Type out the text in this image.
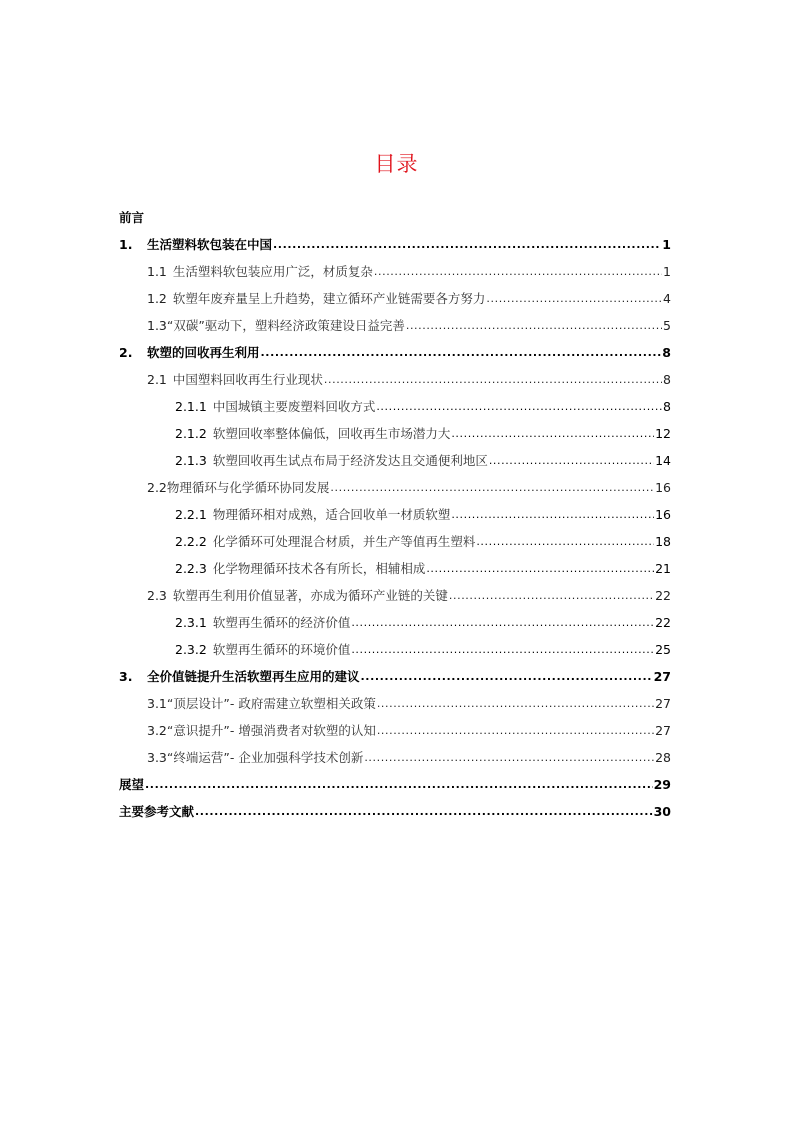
目录
前言
1.	生活塑料软包装在中国 .....	1
1.1 生活塑料软包装应用广泛，材质复杂 .....	1
1.2 软塑年废弃量呈上升趋势，建立循环产业链需要各方努力 .....	4
1.3 “双碳”驱动下，塑料经济政策建设日益完善 .....	5
2.	软塑的回收再生利用 .....	8
2.1 中国塑料回收再生行业现状 .....	8
2.1.1 中国城镇主要废塑料回收方式 .....	8
2.1.2 软塑回收率整体偏低，回收再生市场潜力大 .....	12
2.1.3 软塑回收再生试点布局于经济发达且交通便利地区 .....	14
2.2 物理循环与化学循环协同发展 .....	16
2.2.1 物理循环相对成熟，适合回收单一材质软塑 .....	16
2.2.2 化学循环可处理混合材质，并生产等值再生塑料 .....	18
2.2.3 化学物理循环技术各有所长，相辅相成 .....	21
2.3 软塑再生利用价值显著，亦成为循环产业链的关键 .....	22
2.3.1 软塑再生循环的经济价值 .....	22
2.3.2 软塑再生循环的环境价值 .....	25
3.	全价值链提升生活软塑再生应用的建议 .....	27
3.1 “顶层设计”- 政府需建立软塑相关政策 .....	27
3.2 “意识提升”- 增强消费者对软塑的认知 .....	27
3.3 “终端运营”- 企业加强科学技术创新 .....	28
展望 .....	29
主要参考文献 .....	30
